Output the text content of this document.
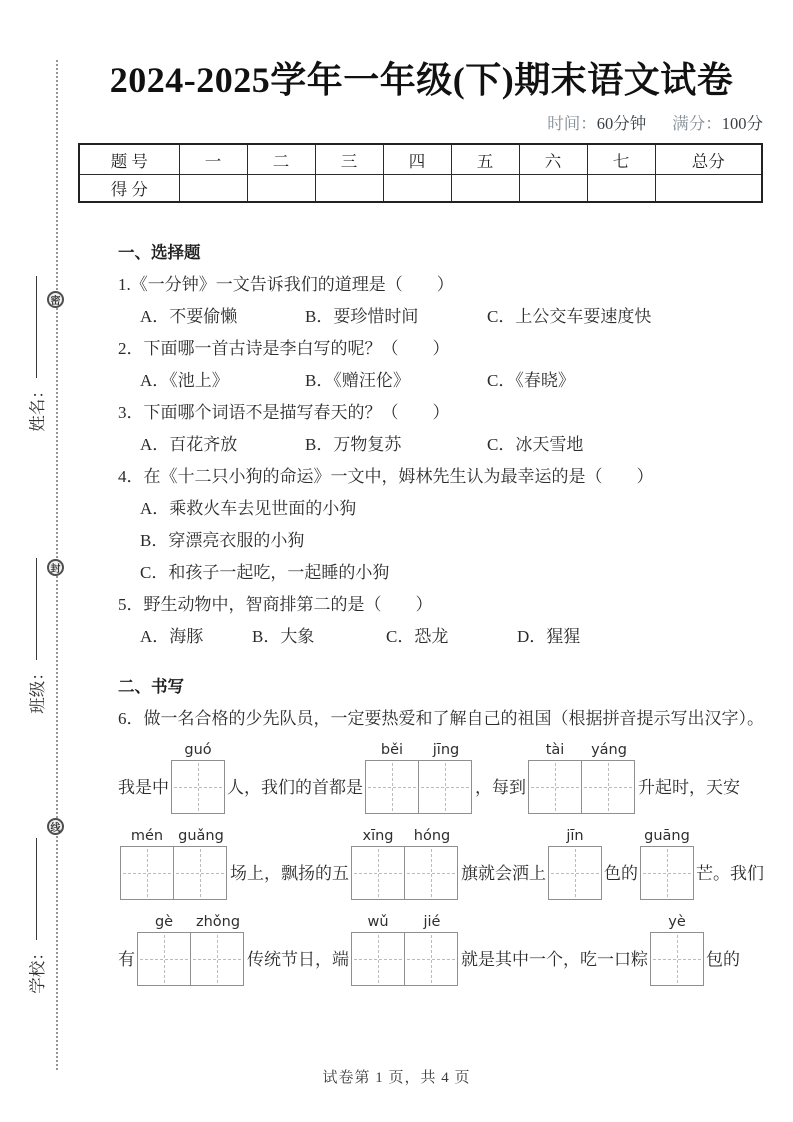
密
封
线
姓名：
班级：
学校：
2024-2025学年一年级(下)期末语文试卷
时间：60分钟 满分：100分
题 号	一	二	三	四	五	六	七	总分
得 分								
一、选择题
1.《一分钟》一文告诉我们的道理是（　　）
A．不要偷懒	B．要珍惜时间	C．上公交车要速度快
2．下面哪一首古诗是李白写的呢？（　　）
A．《池上》	B．《赠汪伦》	C．《春晓》
3．下面哪个词语不是描写春天的？（　　）
A．百花齐放	B．万物复苏	C．冰天雪地
4．在《十二只小狗的命运》一文中，姆林先生认为最幸运的是（　　）
A．乘救火车去见世面的小狗
B．穿漂亮衣服的小狗
C．和孩子一起吃，一起睡的小狗
5．野生动物中，智商排第二的是（　　）
A．海豚	B．大象	C．恐龙	D．猩猩
二、书写
6．做一名合格的少先队员，一定要热爱和了解自己的祖国（根据拼音提示写出汉字）。
我是中
guó
人，我们的首都是
běi	jīng
，每到
tài	yáng
升起时，天安
mén	guǎng
场上，飘扬的五
xīng	hóng
旗就会洒上
jīn
色的
guāng
芒。我们
有
gè	zhǒng
传统节日，端
wǔ	jié
就是其中一个，吃一口粽
yè
包的
试卷第 1 页，共 4 页
